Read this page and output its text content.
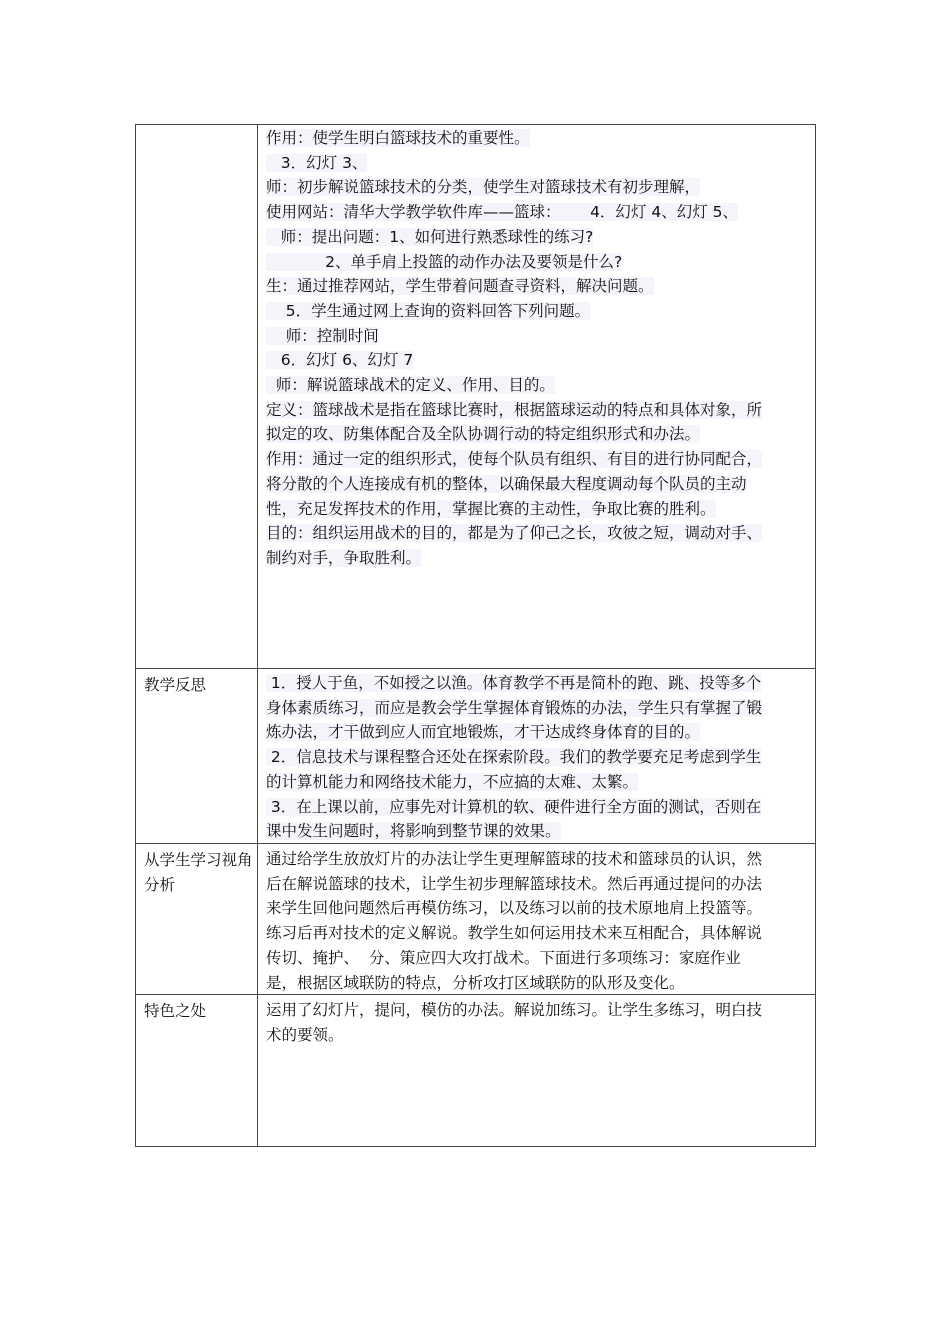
作用：使学生明白篮球技术的重要性。
3．幻灯 3、
师：初步解说篮球技术的分类，使学生对篮球技术有初步理解，
使用网站：清华大学教学软件库——篮球：      4．幻灯 4、幻灯 5、
师：提出问题：1、如何进行熟悉球性的练习?
2、单手肩上投篮的动作办法及要领是什么?
生：通过推荐网站，学生带着问题查寻资料，解决问题。
5．学生通过网上查询的资料回答下列问题。
师：控制时间
6．幻灯 6、幻灯 7
师：解说篮球战术的定义、作用、目的。
定义：篮球战术是指在篮球比赛时，根据篮球运动的特点和具体对象，所
拟定的攻、防集体配合及全队协调行动的特定组织形式和办法。
作用：通过一定的组织形式，使每个队员有组织、有目的进行协同配合，
将分散的个人连接成有机的整体，以确保最大程度调动每个队员的主动
性，充足发挥技术的作用，掌握比赛的主动性，争取比赛的胜利。
目的：组织运用战术的目的，都是为了仰己之长，攻彼之短，调动对手、
制约对手，争取胜利。
教学反思	1．授人于鱼，不如授之以渔。体育教学不再是简朴的跑、跳、投等多个
身体素质练习，而应是教会学生掌握体育锻炼的办法，学生只有掌握了锻
炼办法，才干做到应人而宜地锻炼，才干达成终身体育的目的。
2．信息技术与课程整合还处在探索阶段。我们的教学要充足考虑到学生
的计算机能力和网络技术能力，不应搞的太难、太繁。
3．在上课以前，应事先对计算机的软、硬件进行全方面的测试，否则在
课中发生问题时，将影响到整节课的效果。
从学生学习视角分析
通过给学生放放灯片的办法让学生更理解篮球的技术和篮球员的认识，然
后在解说篮球的技术，让学生初步理解篮球技术。然后再通过提问的办法
来学生回他问题然后再模仿练习，以及练习以前的技术原地肩上投篮等。
练习后再对技术的定义解说。教学生如何运用技术来互相配合，具体解说
传切、掩护、  分、策应四大攻打战术。下面进行多项练习：家庭作业
是，根据区域联防的特点，分析攻打区域联防的队形及变化。
特色之处	运用了幻灯片，提问，模仿的办法。解说加练习。让学生多练习，明白技
术的要领。
